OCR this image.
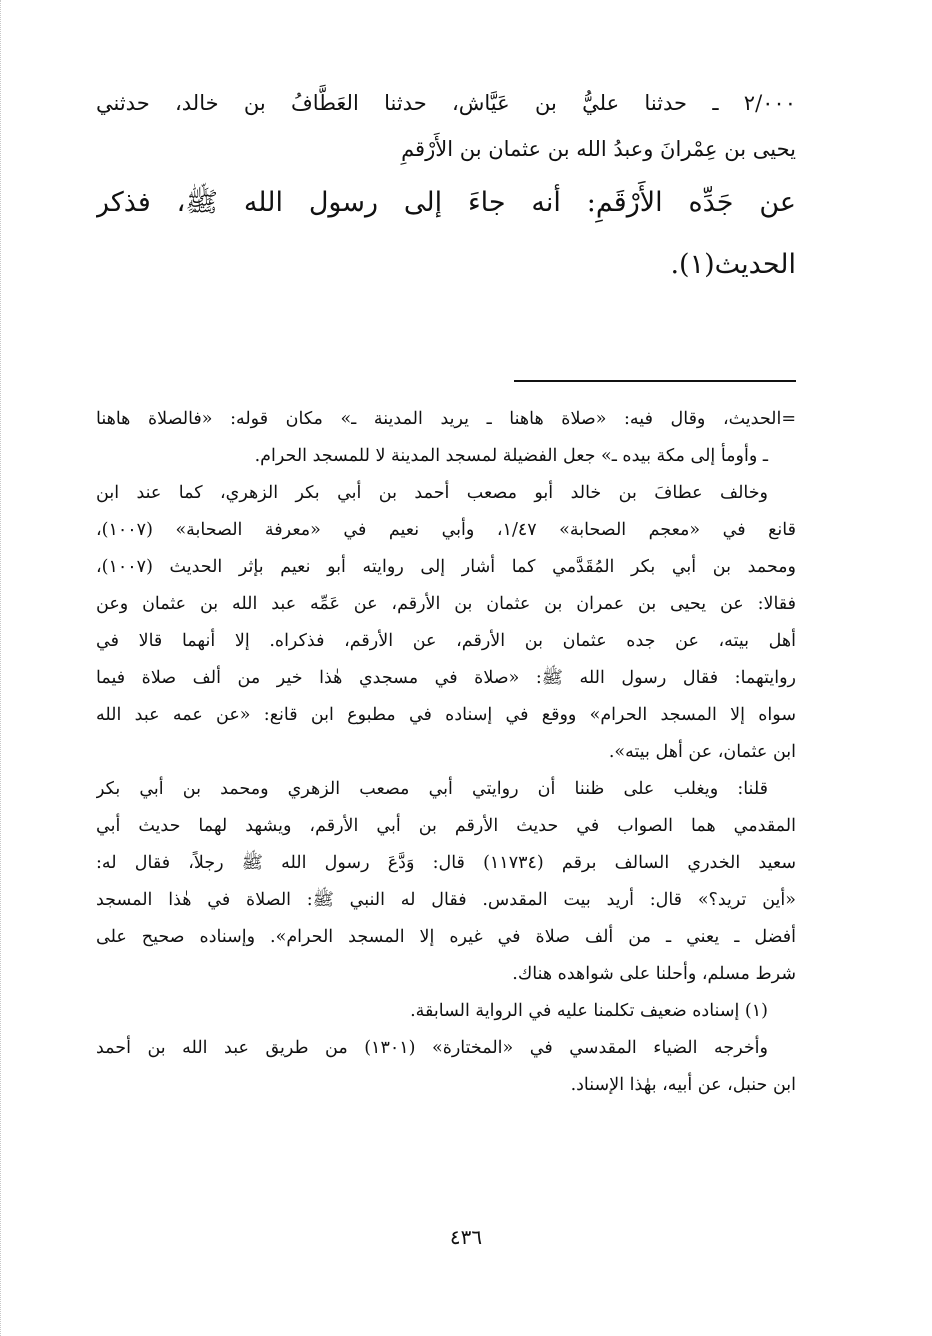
٢/٠٠٠ ـ حدثنا عليُّ بن عَيَّاش، حدثنا العَطَّافُ بن خالد، حدثني
يحيى بن عِمْرانَ وعبدُ الله بن عثمان بن الأَرْقمِ
عن جَدِّه الأَرْقَمِ: أنه جاءَ إلى رسول الله ﷺ، فذكر
الحديث(١).
=الحديث، وقال فيه: «صلاة هاهنا ـ يريد المدينة ـ» مكان قوله: «فالصلاة هاهنا
ـ وأومأ إلى مكة بيده ـ» جعل الفضيلة لمسجد المدينة لا للمسجد الحرام.
وخالف عطافَ بن خالد أبو مصعب أحمد بن أبي بكر الزهري، كما عند ابن
قانع في «معجم الصحابة» ١/٤٧، وأبي نعيم في «معرفة الصحابة» (١٠٠٧)،
ومحمد بن أبي بكر المُقَدَّمي كما أشار إلى روايته أبو نعيم بإثر الحديث (١٠٠٧)،
فقالا: عن يحيى بن عمران بن عثمان بن الأرقم، عن عَمِّه عبد الله بن عثمان وعن
أهل بيته، عن جده عثمان بن الأرقم، عن الأرقم، فذكراه. إلا أنهما قالا في
روايتهما: فقال رسول الله ﷺ: «صلاة في مسجدي هٰذا خير من ألف صلاة فيما
سواه إلا المسجد الحرام» ووقع في إسناده في مطبوع ابن قانع: «عن عمه عبد الله
ابن عثمان، عن أهل بيته».
قلنا: ويغلب على ظننا أن روايتي أبي مصعب الزهري ومحمد بن أبي بكر
المقدمي هما الصواب في حديث الأرقم بن أبي الأرقم، ويشهد لهما حديث أبي
سعيد الخدري السالف برقم (١١٧٣٤) قال: وَدَّعَ رسول الله ﷺ رجلاً، فقال له:
«أين تريد؟» قال: أريد بيت المقدس. فقال له النبي ﷺ: الصلاة في هٰذا المسجد
أفضل ـ يعني ـ من ألف صلاة في غيره إلا المسجد الحرام». وإسناده صحيح على
شرط مسلم، وأحلنا على شواهده هناك.
(١) إسناده ضعيف تكلمنا عليه في الرواية السابقة.
وأخرجه الضياء المقدسي في «المختارة» (١٣٠١) من طريق عبد الله بن أحمد
ابن حنبل، عن أبيه، بهٰذا الإسناد.
٤٣٦
